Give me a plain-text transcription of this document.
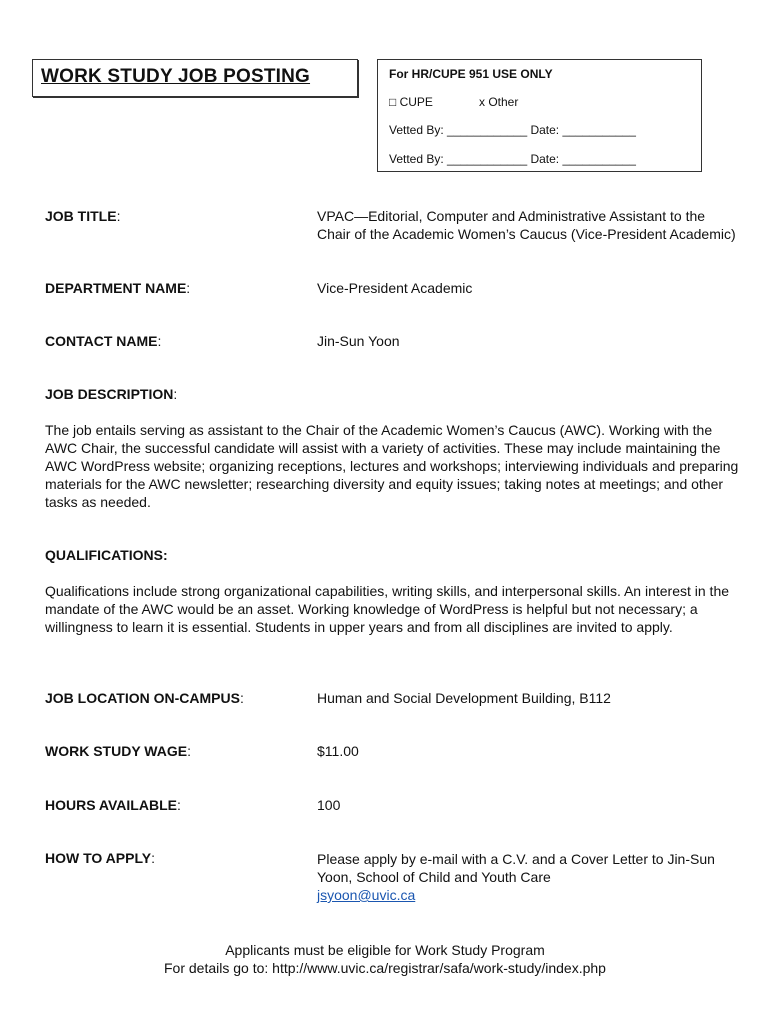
WORK STUDY JOB POSTING	For HR/CUPE 951 USE ONLY
□ CUPE	x Other
Vetted By: ____________ Date: ___________
Vetted By: ____________ Date: ___________
JOB TITLE:	VPAC—Editorial, Computer and Administrative Assistant to the Chair of the Academic Women’s Caucus (Vice-President Academic)
DEPARTMENT NAME:	Vice-President Academic
CONTACT NAME:	Jin-Sun Yoon
JOB DESCRIPTION:
The job entails serving as assistant to the Chair of the Academic Women’s Caucus (AWC). Working with the AWC Chair, the successful candidate will assist with a variety of activities. These may include maintaining the AWC WordPress website; organizing receptions, lectures and workshops; interviewing individuals and preparing materials for the AWC newsletter; researching diversity and equity issues; taking notes at meetings; and other tasks as needed.
QUALIFICATIONS:
Qualifications include strong organizational capabilities, writing skills, and interpersonal skills. An interest in the mandate of the AWC would be an asset. Working knowledge of WordPress is helpful but not necessary; a willingness to learn it is essential. Students in upper years and from all disciplines are invited to apply.
JOB LOCATION ON-CAMPUS:	Human and Social Development Building, B112
WORK STUDY WAGE:	$11.00
HOURS AVAILABLE:	100
HOW TO APPLY:	Please apply by e-mail with a C.V. and a Cover Letter to Jin-Sun Yoon, School of Child and Youth Care
jsyoon@uvic.ca
Applicants must be eligible for Work Study Program
For details go to: http://www.uvic.ca/registrar/safa/work-study/index.php
